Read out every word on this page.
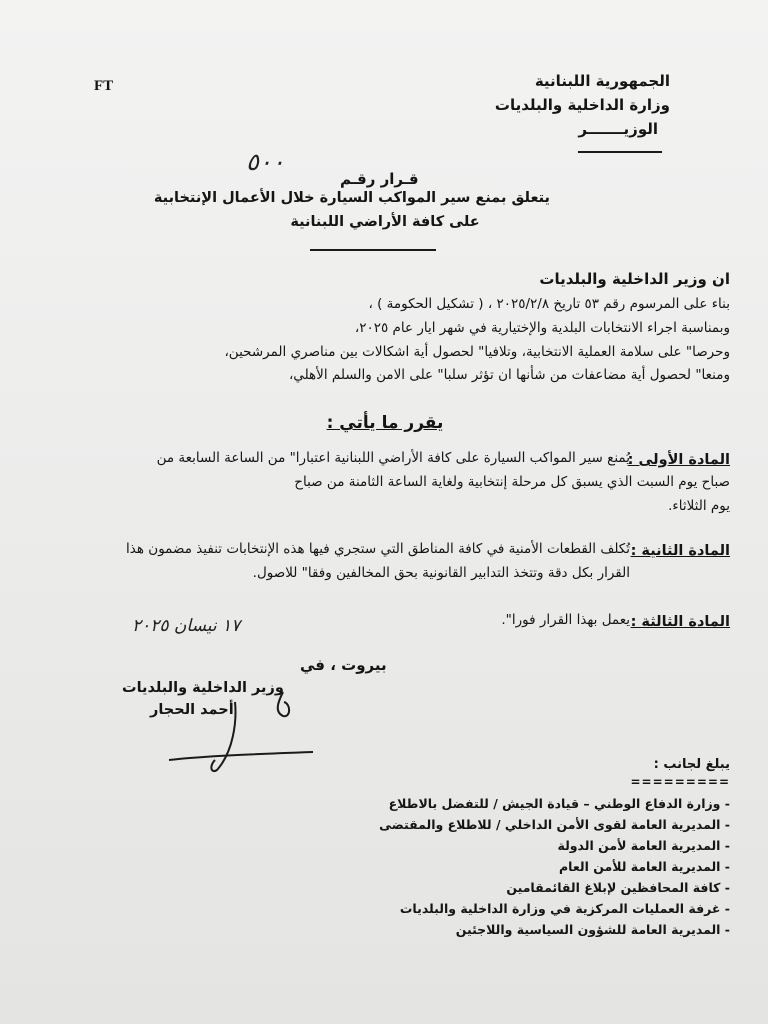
FT	الجمهورية اللبنانية
وزارة الداخلية والبلديات
الوزيـــــــر
٥٠٠
قـرار رقـم
يتعلق بمنع سير المواكب السيارة خلال الأعمال الإنتخابية
على كافة الأراضي اللبنانية
ان وزير الداخلية والبلديات
بناء على المرسوم رقم ٥٣ تاريخ ٢٠٢٥/٢/٨ ، ( تشكيل الحكومة ) ،
وبمناسبة اجراء الانتخابات البلدية والإختيارية في شهر ايار عام ٢٠٢٥،
وحرصا" على سلامة العملية الانتخابية، وتلافيا" لحصول أية اشكالات بين مناصري المرشحين،
ومنعا" لحصول أية مضاعفات من شأنها ان تؤثر سلبا" على الامن والسلم الأهلي،
يقرر ما يأتي :
المادة الأولى :
يُمنع سير المواكب السيارة على كافة الأراضي اللبنانية اعتبارا" من الساعة السابعة من
صباح يوم السبت الذي يسبق كل مرحلة إنتخابية ولغاية الساعة الثامنة من صباح
يوم الثلاثاء.
المادة الثانية :
تُكلف القطعات الأمنية في كافة المناطق التي ستجري فيها هذه الإنتخابات تنفيذ مضمون هذا
القرار بكل دقة وتتخذ التدابير القانونية بحق المخالفين وفقا" للاصول.
المادة الثالثة :
يعمل بهذا القرار فورا".
١٧ نيسان ٢٠٢٥
بيروت ، في
وزير الداخلية والبلديات
أحمد الحجار
يبلغ لجانب :
=========
- وزارة الدفاع الوطني – قيادة الجيش / للتفضل بالاطلاع
- المديرية العامة لقوى الأمن الداخلي / للاطلاع والمقتضى
- المديرية العامة لأمن الدولة
- المديرية العامة للأمن العام
- كافة المحافظين لإبلاغ القائمقامين
- غرفة العمليات المركزية في وزارة الداخلية والبلديات
- المديرية العامة للشؤون السياسية واللاجئين
